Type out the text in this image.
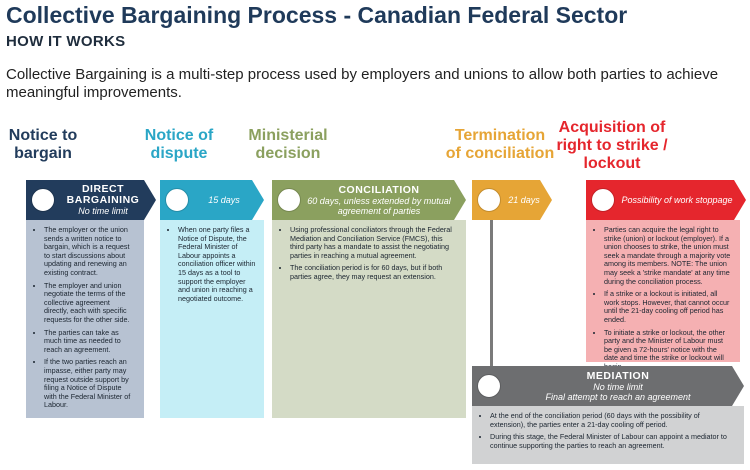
Collective Bargaining Process - Canadian Federal Sector
HOW IT WORKS
Collective Bargaining is a multi-step process used by employers and unions to allow both parties to achieve meaningful improvements.
Notice to
bargain
Notice of
dispute
Ministerial
decision
Termination
of conciliation
Acquisition of
right to strike /
lockout
DIRECT
BARGAINING
No time limit
15 days
CONCILIATION
60 days, unless extended by mutual agreement of parties
21 days	Possibility of work stoppage
• The employer or the union sends a written notice to bargain, which is a request to start discussions about updating and renewing an existing contract.
• The employer and union negotiate the terms of the collective agreement directly, each with specific requests for the other side.
• The parties can take as much time as needed to reach an agreement.
• If the two parties reach an impasse, either party may request outside support by filing a Notice of Dispute with the Federal Minister of Labour.
• When one party files a Notice of Dispute, the Federal Minister of Labour appoints a conciliation officer within 15 days as a tool to support the employer and union in reaching a negotiated outcome.
• Using professional conciliators through the Federal Mediation and Conciliation Service (FMCS), this third party has a mandate to assist the negotiating parties in reaching a mutual agreement.
• The conciliation period is for 60 days, but if both parties agree, they may request an extension.
• Parties can acquire the legal right to strike (union) or lockout (employer). If a union chooses to strike, the union must seek a mandate through a majority vote among its members. NOTE: The union may seek a 'strike mandate' at any time during the conciliation process.
• If a strike or a lockout is initiated, all work stops. However, that cannot occur until the 21-day cooling off period has ended.
• To initiate a strike or lockout, the other party and the Minister of Labour must be given a 72-hours' notice with the date and time the strike or lockout will
MEDIATION
No time limit
Final attempt to reach an agreement
• At the end of the conciliation period (60 days with the possibility of extension), the parties enter a 21-day cooling off period.
• During this stage, the Federal Minister of Labour can appoint a mediator to continue supporting the parties to reach an agreement.
